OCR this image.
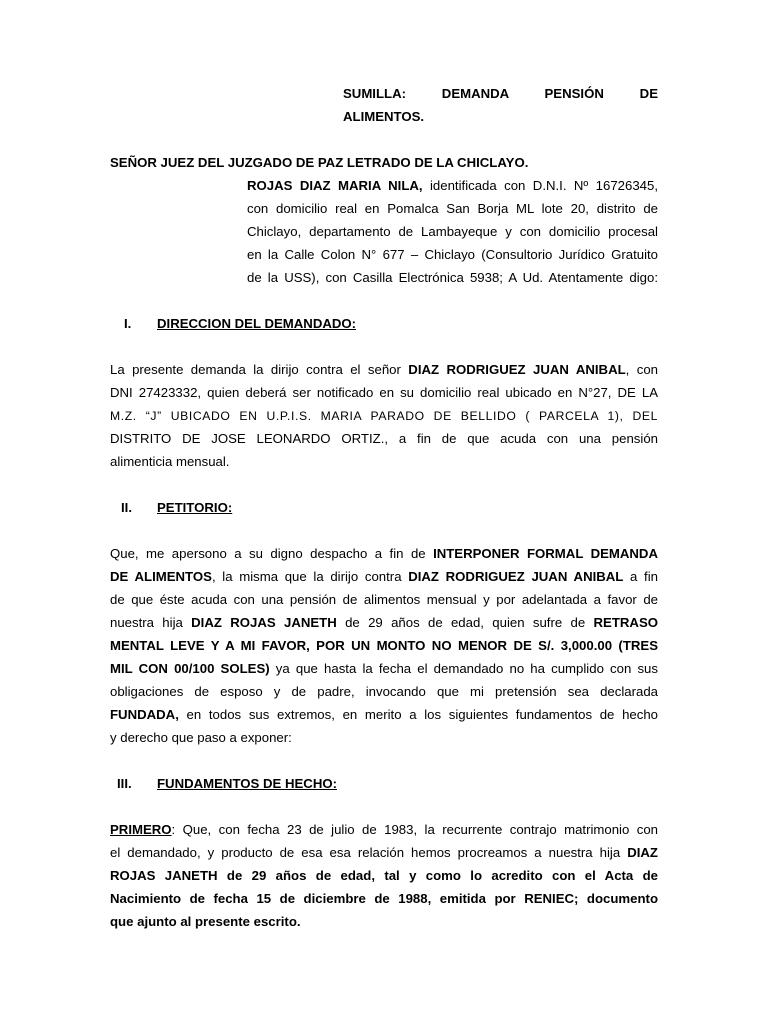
SUMILLA: DEMANDA PENSIÓN DE
ALIMENTOS.
SEÑOR JUEZ DEL JUZGADO DE PAZ LETRADO DE LA CHICLAYO.
ROJAS DIAZ MARIA NILA, identificada con D.N.I. Nº 16726345,
con domicilio real en Pomalca San Borja ML lote 20, distrito de
Chiclayo, departamento de Lambayeque y con domicilio procesal
en la Calle Colon N° 677 – Chiclayo (Consultorio Jurídico Gratuito
de la USS), con Casilla Electrónica 5938; A Ud. Atentamente digo:
I. DIRECCION DEL DEMANDADO:
La presente demanda la dirijo contra el señor DIAZ RODRIGUEZ JUAN ANIBAL, con
DNI 27423332, quien deberá ser notificado en su domicilio real ubicado en N°27, DE LA
M.Z. “J” UBICADO EN U.P.I.S. MARIA PARADO DE BELLIDO ( PARCELA 1), DEL
DISTRITO DE JOSE LEONARDO ORTIZ., a fin de que acuda con una pensión
alimenticia mensual.
II. PETITORIO:
Que, me apersono a su digno despacho a fin de INTERPONER FORMAL DEMANDA
DE ALIMENTOS, la misma que la dirijo contra DIAZ RODRIGUEZ JUAN ANIBAL a fin
de que éste acuda con una pensión de alimentos mensual y por adelantada a favor de
nuestra hija DIAZ ROJAS JANETH de 29 años de edad, quien sufre de RETRASO
MENTAL LEVE Y A MI FAVOR, POR UN MONTO NO MENOR DE S/. 3,000.00 (TRES
MIL CON 00/100 SOLES) ya que hasta la fecha el demandado no ha cumplido con sus
obligaciones de esposo y de padre, invocando que mi pretensión sea declarada
FUNDADA, en todos sus extremos, en merito a los siguientes fundamentos de hecho
y derecho que paso a exponer:
III. FUNDAMENTOS DE HECHO:
PRIMERO: Que, con fecha 23 de julio de 1983, la recurrente contrajo matrimonio con
el demandado, y producto de esa esa relación hemos procreamos a nuestra hija DIAZ
ROJAS JANETH de 29 años de edad, tal y como lo acredito con el Acta de
Nacimiento de fecha 15 de diciembre de 1988, emitida por RENIEC; documento
que ajunto al presente escrito.
